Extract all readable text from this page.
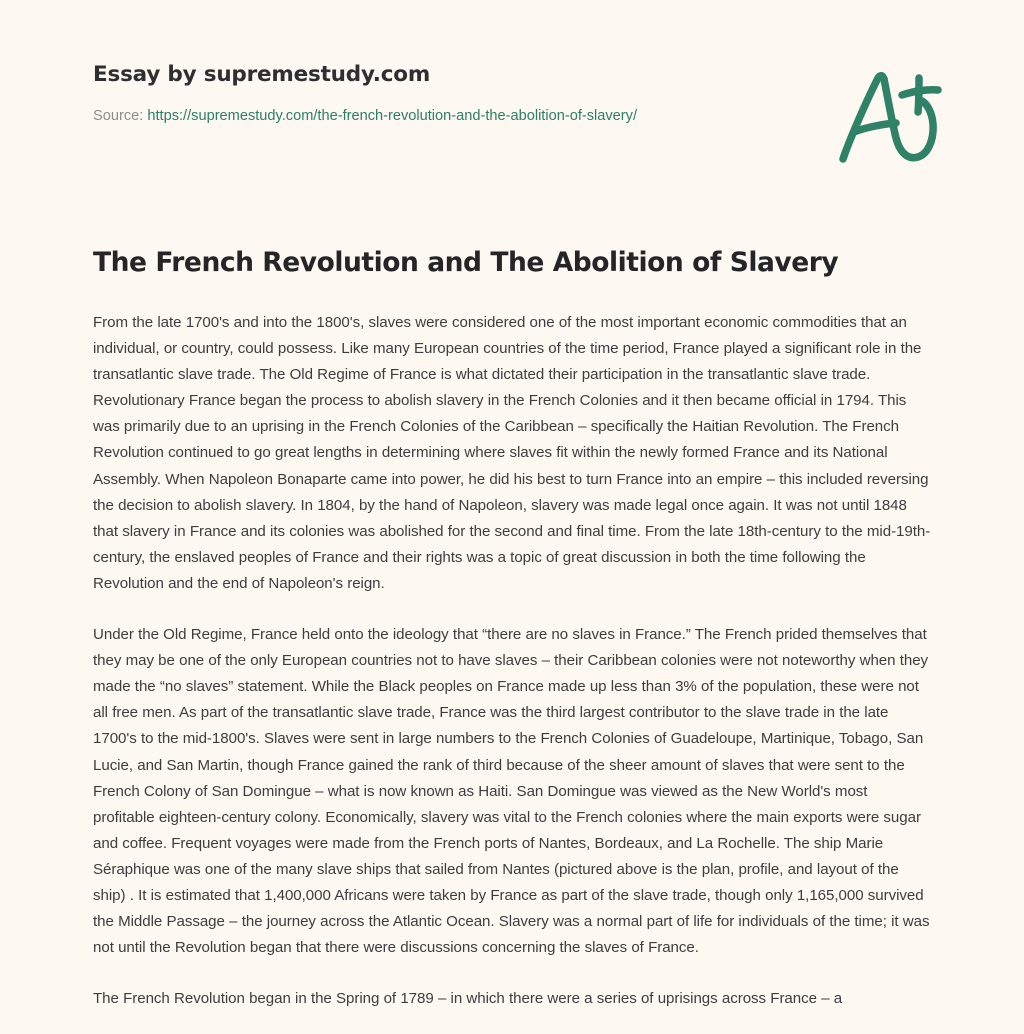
Essay by supremestudy.com
Source: https://supremestudy.com/the-french-revolution-and-the-abolition-of-slavery/
The French Revolution and The Abolition of Slavery

From the late 1700's and into the 1800's, slaves were considered one of the most important economic commodities that an individual, or country, could possess. Like many European countries of the time period, France played a significant role in the transatlantic slave trade. The Old Regime of France is what dictated their participation in the transatlantic slave trade. Revolutionary France began the process to abolish slavery in the French Colonies and it then became official in 1794. This was primarily due to an uprising in the French Colonies of the Caribbean – specifically the Haitian Revolution. The French Revolution continued to go great lengths in determining where slaves fit within the newly formed France and its National Assembly. When Napoleon Bonaparte came into power, he did his best to turn France into an empire – this included reversing the decision to abolish slavery. In 1804, by the hand of Napoleon, slavery was made legal once again. It was not until 1848 that slavery in France and its colonies was abolished for the second and final time. From the late 18th-century to the mid-19th-century, the enslaved peoples of France and their rights was a topic of great discussion in both the time following the Revolution and the end of Napoleon's reign.

Under the Old Regime, France held onto the ideology that “there are no slaves in France.” The French prided themselves that they may be one of the only European countries not to have slaves – their Caribbean colonies were not noteworthy when they made the “no slaves” statement. While the Black peoples on France made up less than 3% of the population, these were not all free men. As part of the transatlantic slave trade, France was the third largest contributor to the slave trade in the late 1700's to the mid-1800's. Slaves were sent in large numbers to the French Colonies of Guadeloupe, Martinique, Tobago, San Lucie, and San Martin, though France gained the rank of third because of the sheer amount of slaves that were sent to the French Colony of San Domingue – what is now known as Haiti. San Domingue was viewed as the New World's most profitable eighteen-century colony. Economically, slavery was vital to the French colonies where the main exports were sugar and coffee. Frequent voyages were made from the French ports of Nantes, Bordeaux, and La Rochelle. The ship Marie Séraphique was one of the many slave ships that sailed from Nantes (pictured above is the plan, profile, and layout of the ship) . It is estimated that 1,400,000 Africans were taken by France as part of the slave trade, though only 1,165,000 survived the Middle Passage – the journey across the Atlantic Ocean. Slavery was a normal part of life for individuals of the time; it was not until the Revolution began that there were discussions concerning the slaves of France.

The French Revolution began in the Spring of 1789 – in which there were a series of uprisings across France – a
